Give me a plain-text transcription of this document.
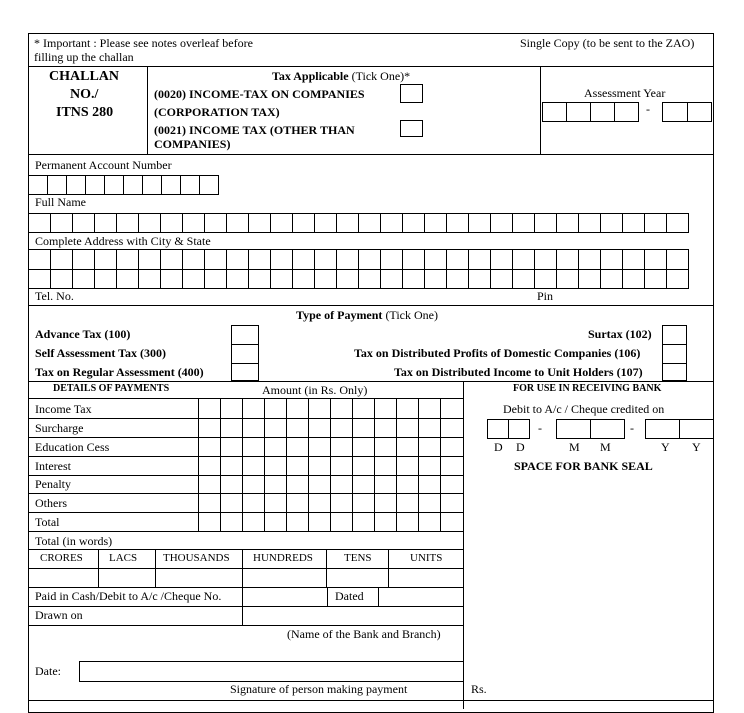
* Important : Please see notes overleaf before
filling up the challan
Single Copy (to be sent to the ZAO)
CHALLAN
NO./
ITNS 280
Tax Applicable (Tick One)*
(0020) INCOME-TAX ON COMPANIES
(CORPORATION TAX)
(0021) INCOME TAX (OTHER THAN
COMPANIES)
Assessment Year
-
Permanent Account Number
Full Name
Complete Address with City & State
Tel. No.	Pin
Type of Payment (Tick One)
Advance Tax (100)
Self Assessment Tax (300)
Tax on Regular Assessment (400)
Surtax (102)
Tax on Distributed Profits of Domestic Companies (106)
Tax on Distributed Income to Unit Holders (107)
DETAILS OF PAYMENTS	Amount (in Rs. Only)	FOR USE IN RECEIVING BANK
Income Tax
Surcharge
Education Cess
Interest
Penalty
Others
Total
Total (in words)
CRORES LACS THOUSANDS HUNDREDS	TENS	UNITS
Paid in Cash/Debit to A/c /Cheque No.	Dated
Drawn on
(Name of the Bank and Branch)
Date:
Signature of person making payment	Rs.
Debit to A/c / Cheque credited on
-	-
D D	M M	Y Y
SPACE FOR BANK SEAL
